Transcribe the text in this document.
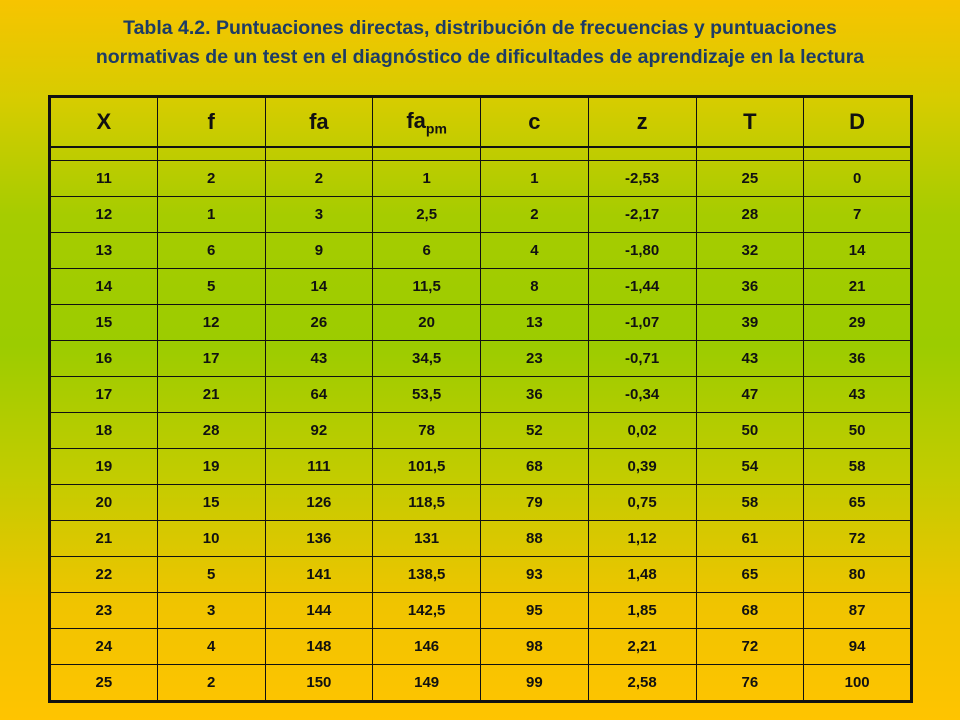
Tabla 4.2. Puntuaciones directas, distribución de frecuencias y puntuaciones
normativas de un test en el diagnóstico de dificultades de aprendizaje en la lectura
X	f	fa	$fa_{pm}$	c	z	T	D

11	2	2	1	1	-2,53	25	0
12	1	3	2,5	2	-2,17	28	7
13	6	9	6	4	-1,80	32	14
14	5	14	11,5	8	-1,44	36	21
15	12	26	20	13	-1,07	39	29
16	17	43	34,5	23	-0,71	43	36
17	21	64	53,5	36	-0,34	47	43
18	28	92	78	52	0,02	50	50
19	19	111	101,5	68	0,39	54	58
20	15	126	118,5	79	0,75	58	65
21	10	136	131	88	1,12	61	72
22	5	141	138,5	93	1,48	65	80
23	3	144	142,5	95	1,85	68	87
24	4	148	146	98	2,21	72	94
25	2	150	149	99	2,58	76	100
